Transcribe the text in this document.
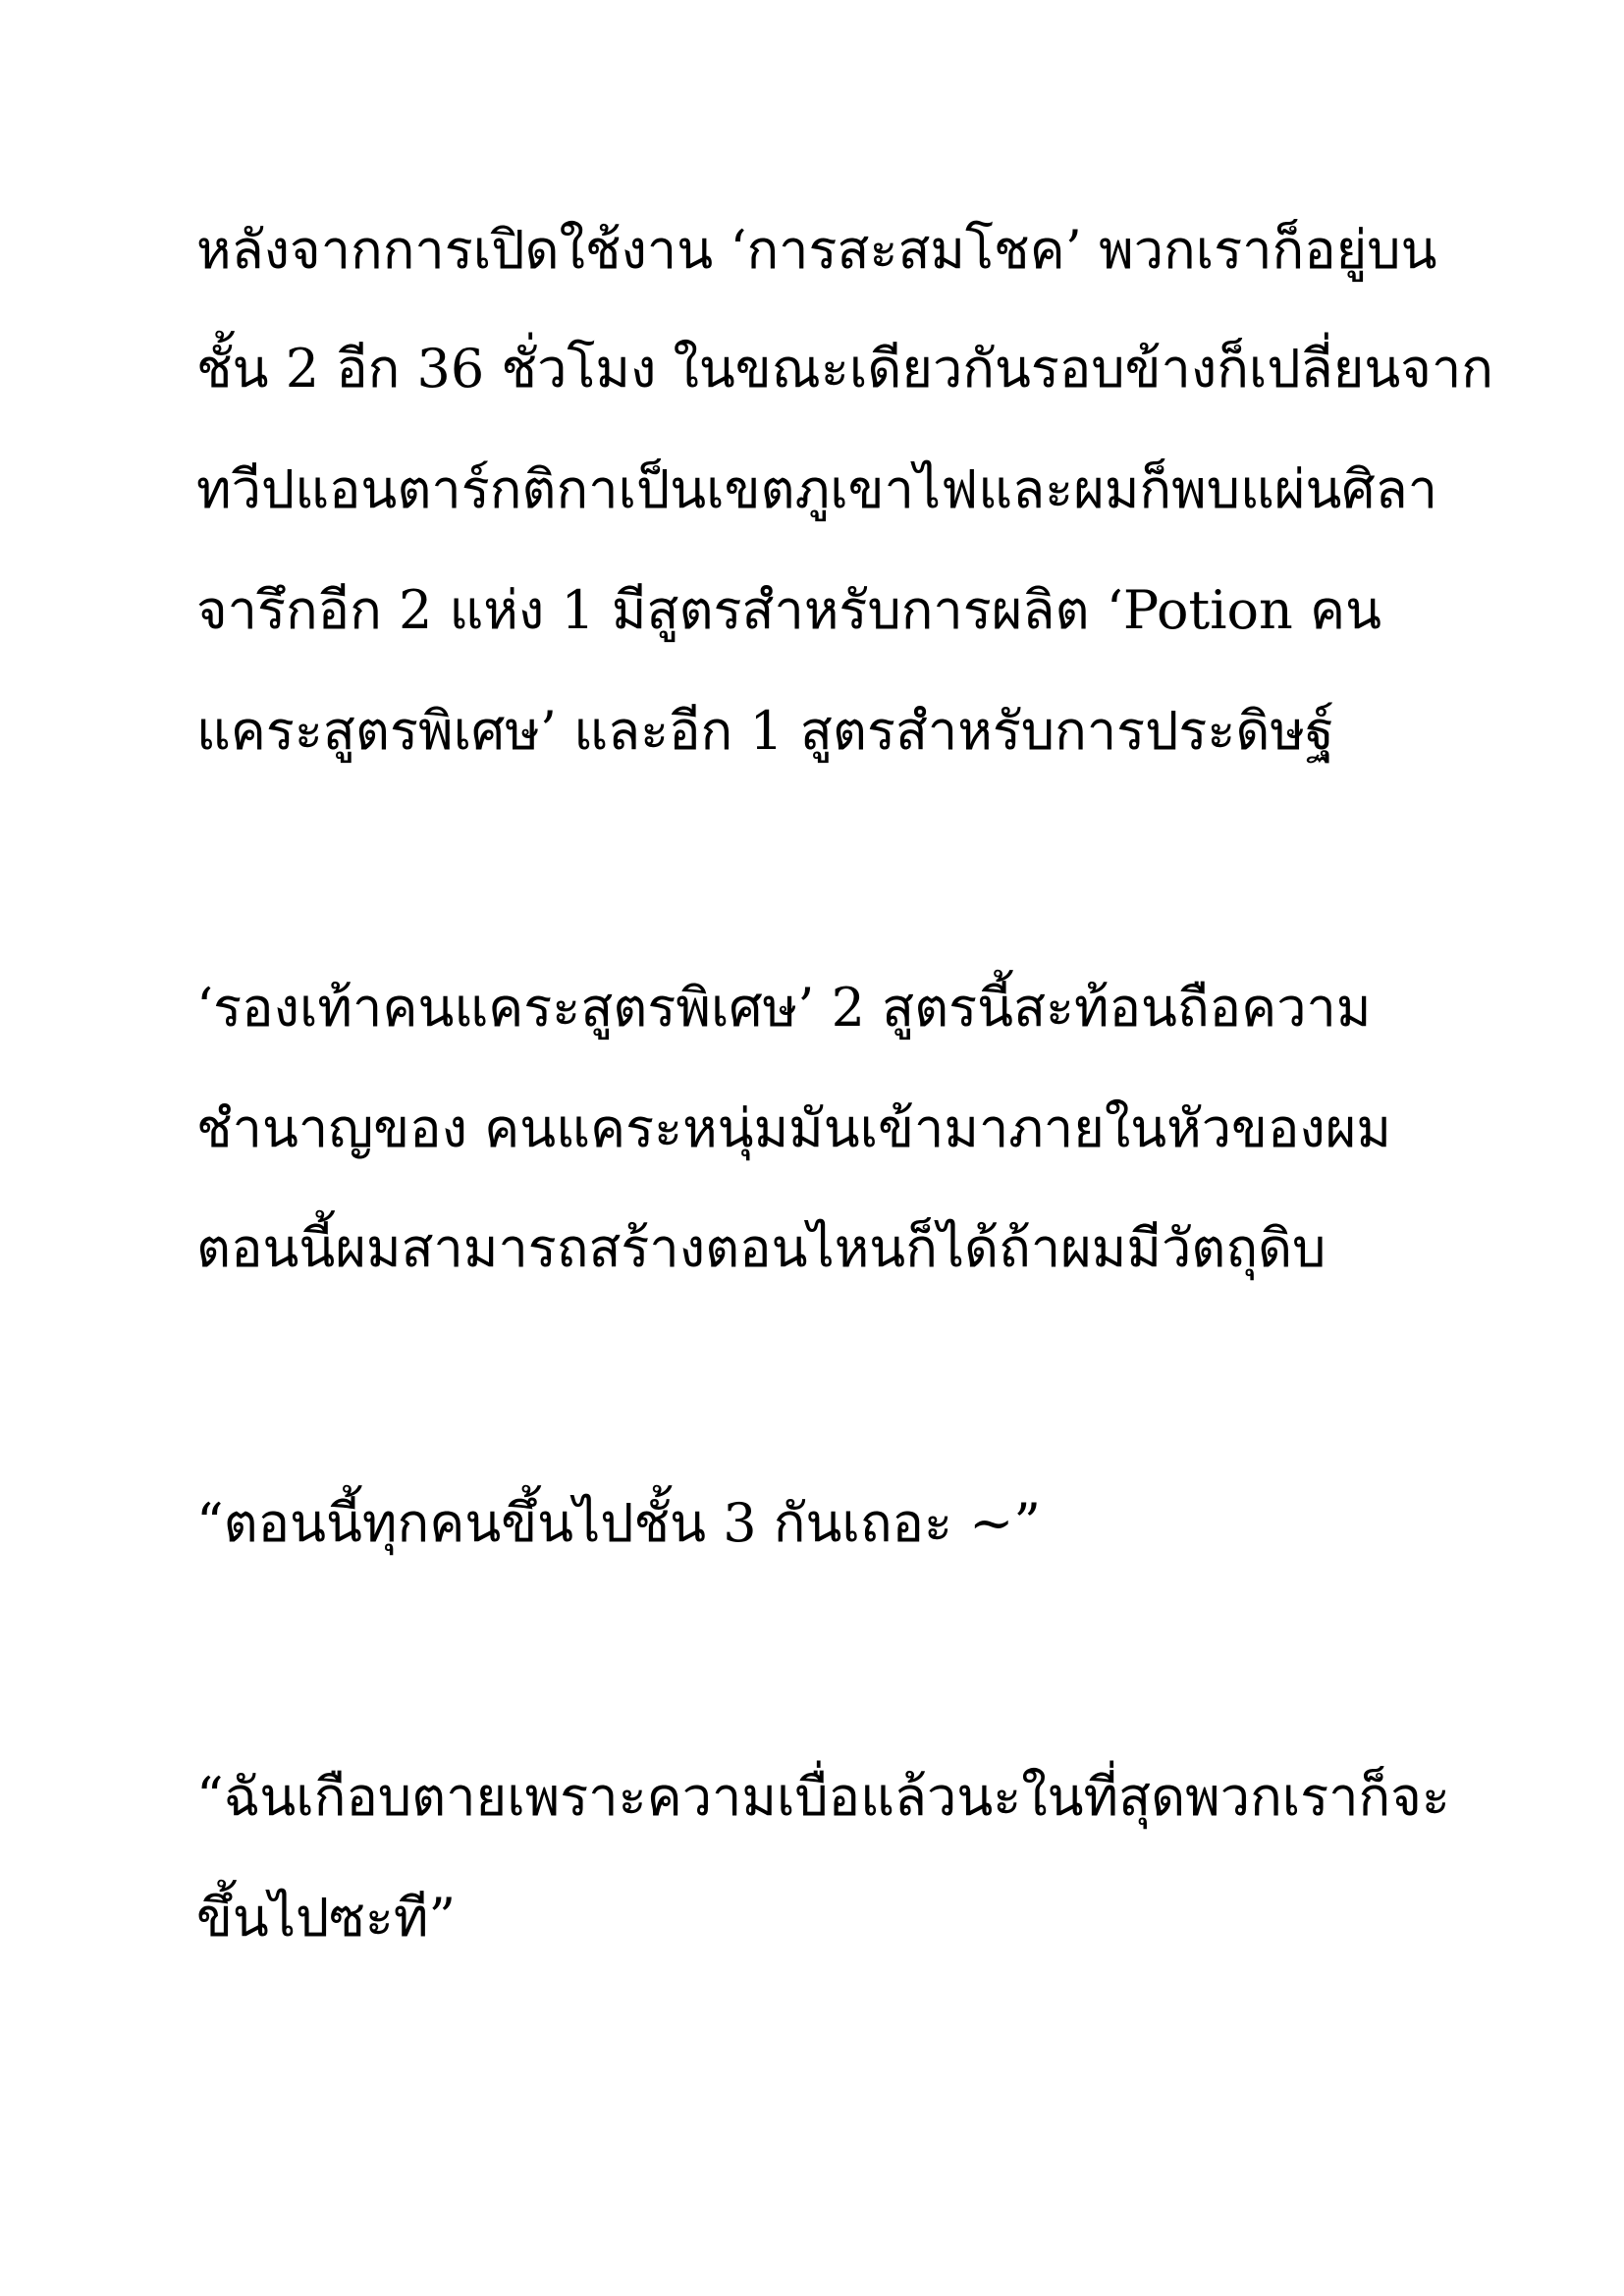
หลังจากการเปิดใช้งาน ‘การสะสมโชค’ พวกเราก็อยู่บน
ชั้น 2 อีก 36 ชั่วโมง ในขณะเดียวกันรอบข้างก็เปลี่ยนจาก
ทวีปแอนตาร์กติกาเป็นเขตภูเขาไฟและผมก็พบแผ่นศิลา
จารึกอีก 2 แห่ง 1 มีสูตรสำหรับการผลิต ‘Potion คน
แคระสูตรพิเศษ’ และอีก 1 สูตรสำหรับการประดิษฐ์
‘รองเท้าคนแคระสูตรพิเศษ’ 2 สูตรนี้สะท้อนถือความ
ชำนาญของ คนแคระหนุ่มมันเข้ามาภายในหัวของผม
ตอนนี้ผมสามารถสร้างตอนไหนก็ได้ถ้าผมมีวัตถุดิบ
“ตอนนี้ทุกคนขึ้นไปชั้น 3 กันเถอะ ~”
“ฉันเกือบตายเพราะความเบื่อแล้วนะในที่สุดพวกเราก็จะ
ขึ้นไปซะที”
